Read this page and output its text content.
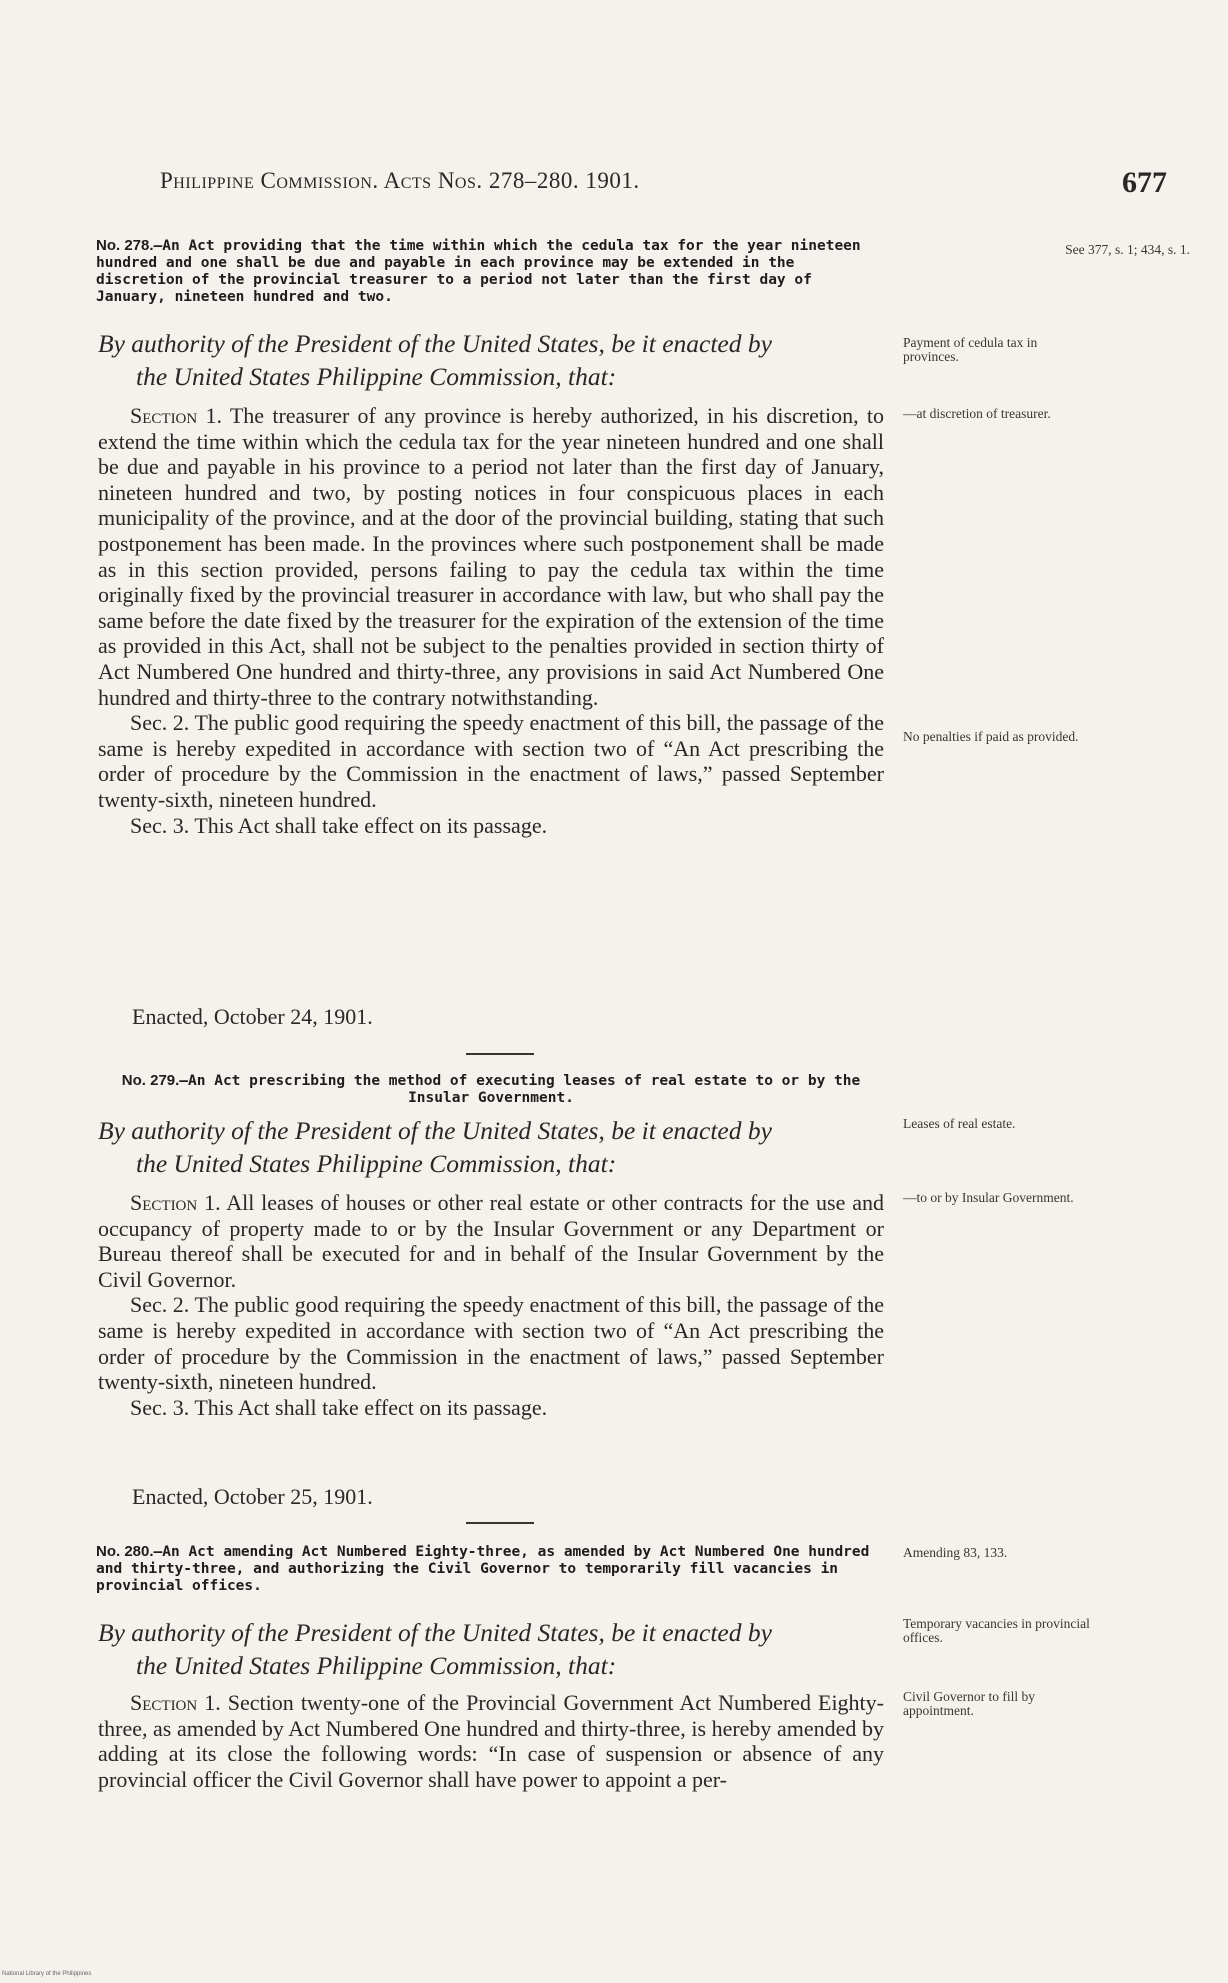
Philippine Commission. Acts Nos. 278–280. 1901.	677
See 377, s. 1; 434, s. 1.
No. 278.—An Act providing that the time within which the cedula tax for the year nineteen hundred and one shall be due and payable in each province may be extended in the discretion of the provincial treasurer to a period not later than the first day of January, nineteen hundred and two.
By authority of the President of the United States, be it enacted by
the United States Philippine Commission, that:
Payment of cedula tax in provinces.

Section 1. The treasurer of any province is hereby authorized, in his discretion, to extend the time within which the cedula tax for the year nineteen hundred and one shall be due and payable in his province to a period not later than the first day of January, nineteen hundred and two, by posting notices in four conspicuous places in each municipality of the province, and at the door of the provincial building, stating that such postponement has been made. In the provinces where such postponement shall be made as in this section provided, persons failing to pay the cedula tax within the time originally fixed by the provincial treasurer in accordance with law, but who shall pay the same before the date fixed by the treasurer for the expiration of the extension of the time as provided in this Act, shall not be subject to the penalties provided in section thirty of Act Numbered One hundred and thirty-three, any provisions in said Act Numbered One hundred and thirty-three to the contrary notwithstanding.

Sec. 2. The public good requiring the speedy enactment of this bill, the passage of the same is hereby expedited in accordance with section two of “An Act prescribing the order of procedure by the Commission in the enactment of laws,” passed September twenty-sixth, nineteen hundred.

Sec. 3. This Act shall take effect on its passage.

—at discretion of treasurer.
No penalties if paid as provided.
Enacted, October 24, 1901.
No. 279.—An Act prescribing the method of executing leases of real estate to or by the Insular Government.
By authority of the President of the United States, be it enacted by
the United States Philippine Commission, that:
Leases of real estate.

Section 1. All leases of houses or other real estate or other contracts for the use and occupancy of property made to or by the Insular Government or any Department or Bureau thereof shall be executed for and in behalf of the Insular Government by the Civil Governor.

Sec. 2. The public good requiring the speedy enactment of this bill, the passage of the same is hereby expedited in accordance with section two of “An Act prescribing the order of procedure by the Commission in the enactment of laws,” passed September twenty-sixth, nineteen hundred.

Sec. 3. This Act shall take effect on its passage.

—to or by Insular Government.
Enacted, October 25, 1901.
No. 280.—An Act amending Act Numbered Eighty-three, as amended by Act Numbered One hundred and thirty-three, and authorizing the Civil Governor to temporarily fill vacancies in provincial offices.
Amending 83, 133.
By authority of the President of the United States, be it enacted by
the United States Philippine Commission, that:
Temporary vacancies in provincial offices.

Section 1. Section twenty-one of the Provincial Government Act Numbered Eighty-three, as amended by Act Numbered One hundred and thirty-three, is hereby amended by adding at its close the following words: “In case of suspension or absence of any provincial officer the Civil Governor shall have power to appoint a per-

Civil Governor to fill by appointment.
National Library of the Philippines
